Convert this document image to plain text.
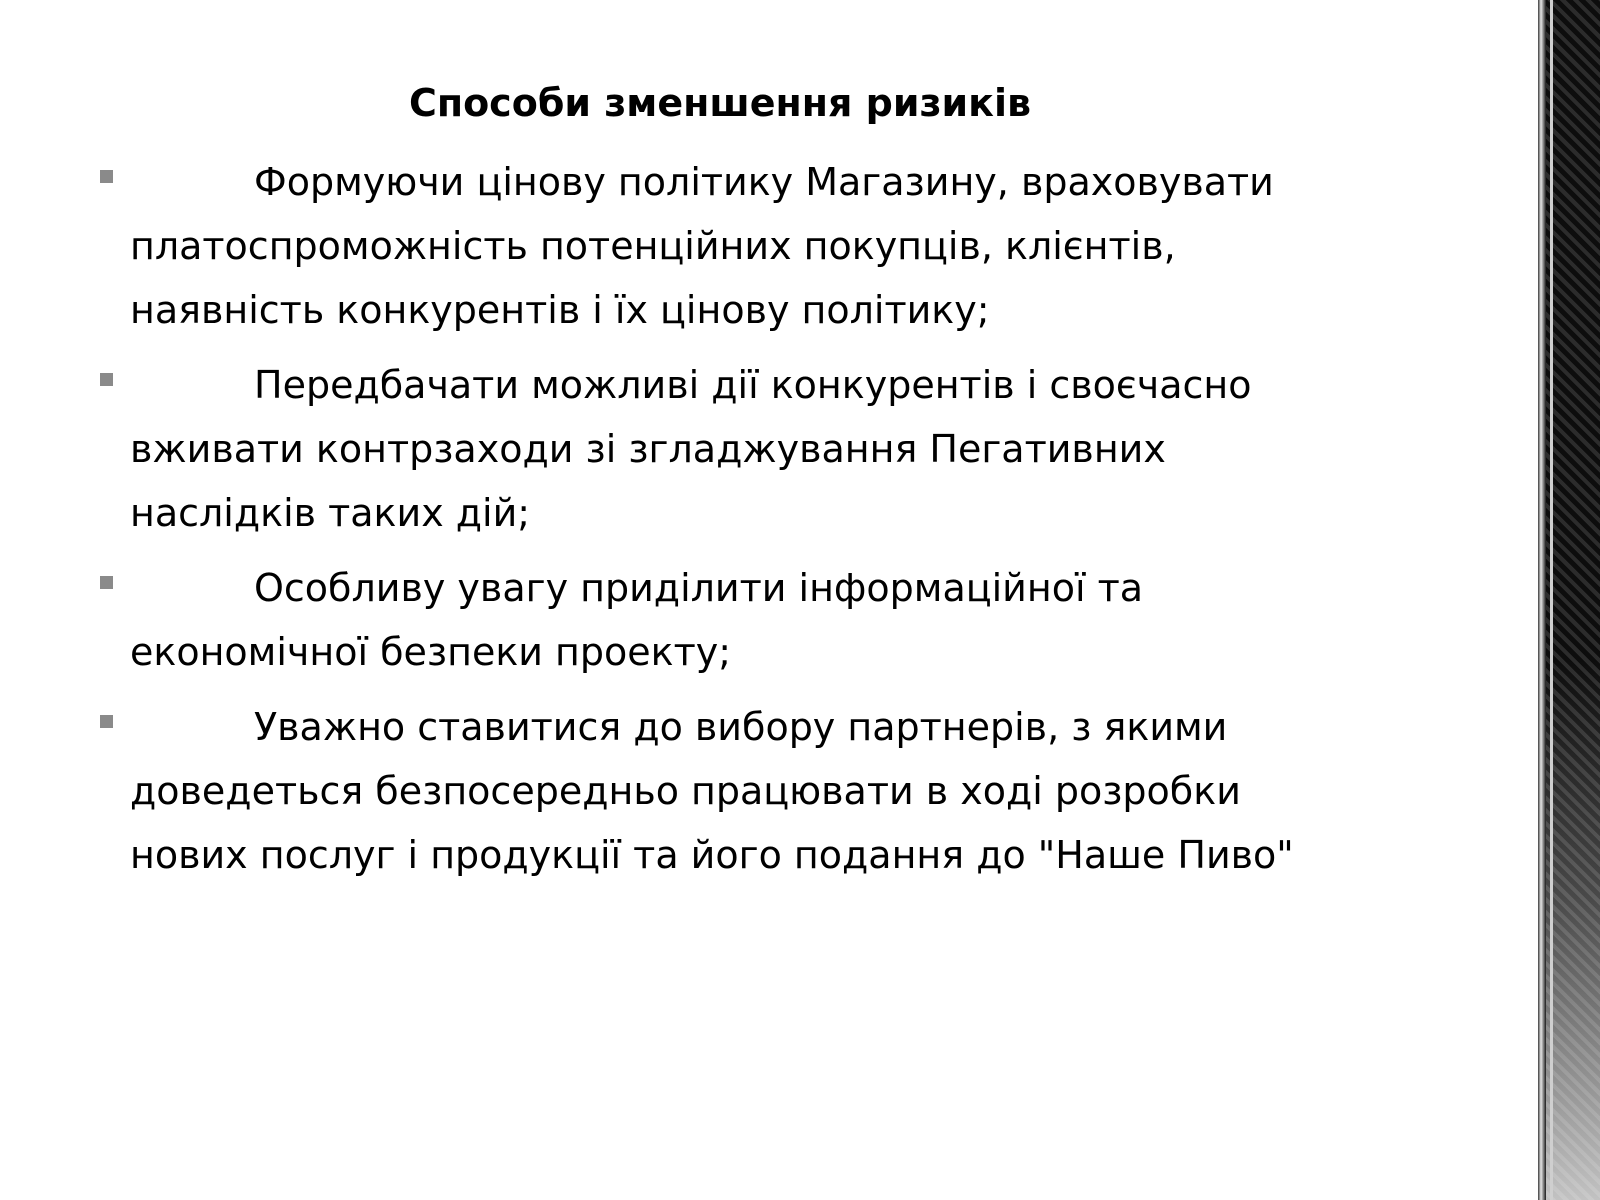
Способи зменшення ризиків
Формуючи цінову політику Магазину, враховувати платоспроможність потенційних покупців, клієнтів, наявність конкурентів і їх цінову політику;
Передбачати можливі дії конкурентів і своєчасно вживати контрзаходи зі згладжування Пегативних наслідків таких дій;
Особливу увагу приділити інформаційної та економічної безпеки проекту;
Уважно ставитися до вибору партнерів, з якими доведеться безпосередньо працювати в ході розробки нових послуг і продукції та його подання до "Наше Пиво"
